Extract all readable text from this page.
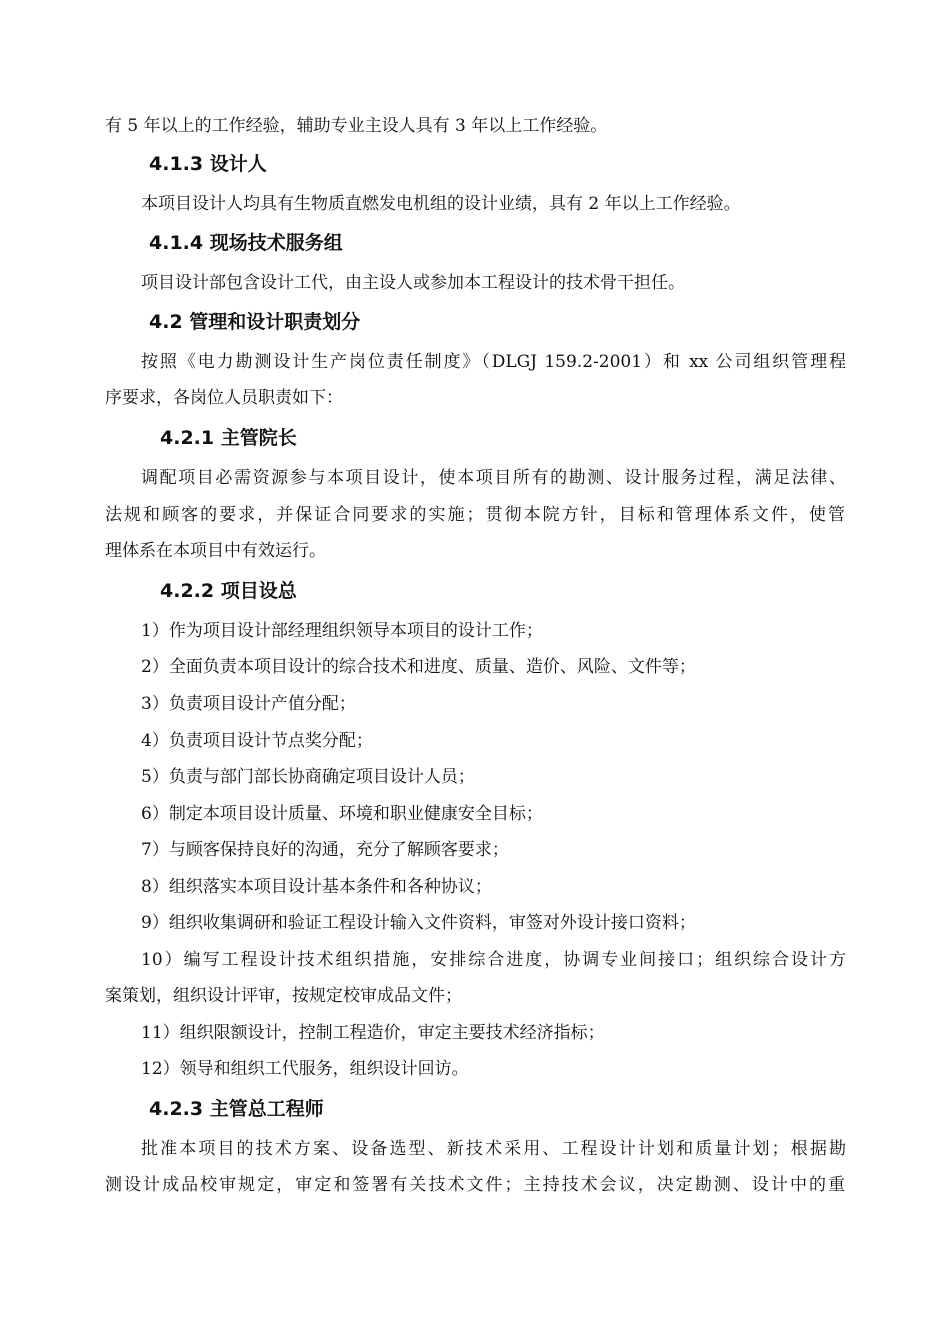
有 5 年以上的工作经验，辅助专业主设人具有 3 年以上工作经验。
4.1.3 设计人
本项目设计人均具有生物质直燃发电机组的设计业绩，具有 2 年以上工作经验。
4.1.4 现场技术服务组
项目设计部包含设计工代，由主设人或参加本工程设计的技术骨干担任。
4.2 管理和设计职责划分
按照《电力勘测设计生产岗位责任制度》（DLGJ 159.2-2001）和 xx 公司组织管理程
序要求，各岗位人员职责如下：
4.2.1 主管院长
调配项目必需资源参与本项目设计，使本项目所有的勘测、设计服务过程，满足法律、
法规和顾客的要求，并保证合同要求的实施；贯彻本院方针，目标和管理体系文件，使管
理体系在本项目中有效运行。
4.2.2 项目设总
1）作为项目设计部经理组织领导本项目的设计工作；
2）全面负责本项目设计的综合技术和进度、质量、造价、风险、文件等；
3）负责项目设计产值分配；
4）负责项目设计节点奖分配；
5）负责与部门部长协商确定项目设计人员；
6）制定本项目设计质量、环境和职业健康安全目标；
7）与顾客保持良好的沟通，充分了解顾客要求；
8）组织落实本项目设计基本条件和各种协议；
9）组织收集调研和验证工程设计输入文件资料，审签对外设计接口资料；
10）编写工程设计技术组织措施，安排综合进度，协调专业间接口；组织综合设计方
案策划，组织设计评审，按规定校审成品文件；
11）组织限额设计，控制工程造价，审定主要技术经济指标；
12）领导和组织工代服务，组织设计回访。
4.2.3 主管总工程师
批准本项目的技术方案、设备选型、新技术采用、工程设计计划和质量计划；根据勘
测设计成品校审规定，审定和签署有关技术文件；主持技术会议，决定勘测、设计中的重
